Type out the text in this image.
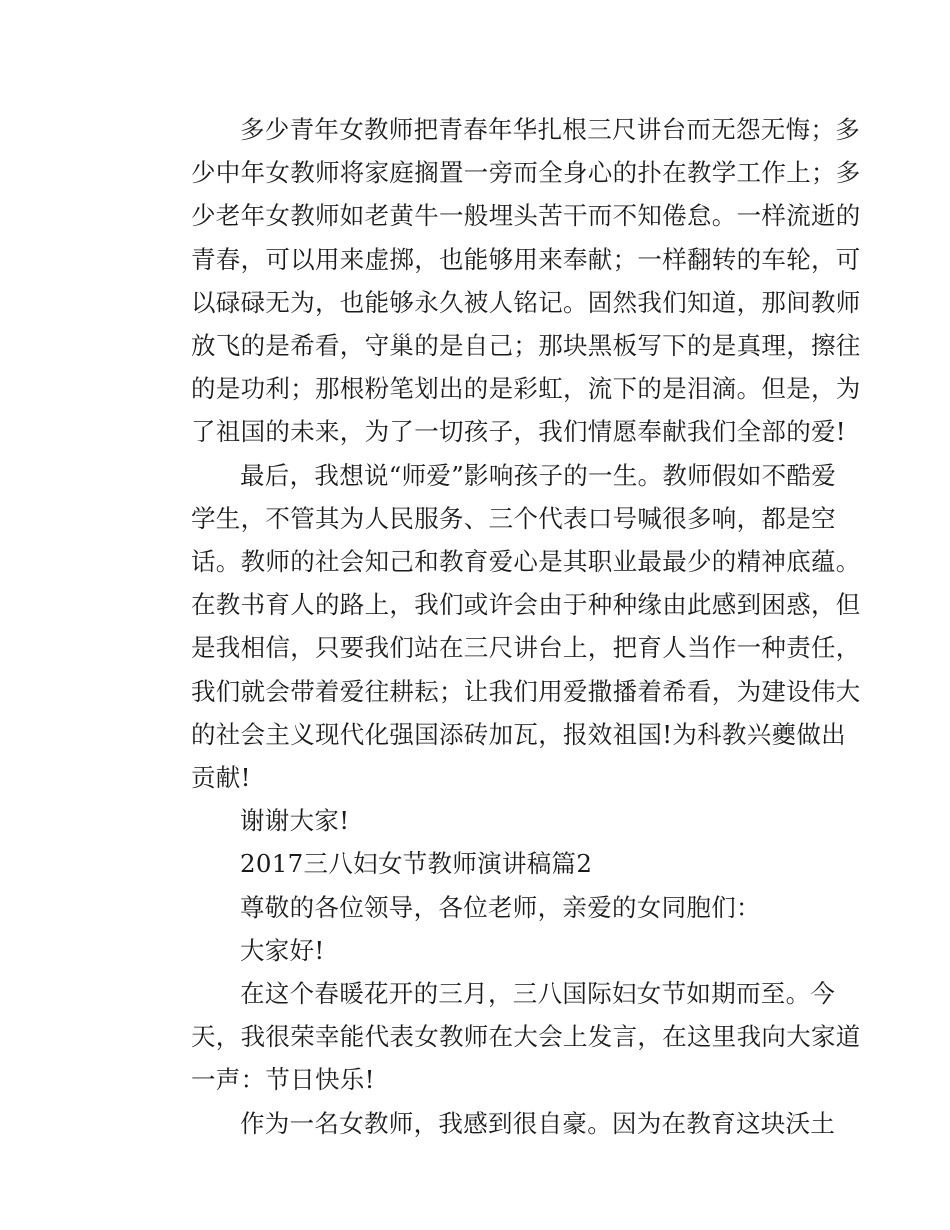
多少青年女教师把青春年华扎根三尺讲台而无怨无悔；多
少中年女教师将家庭搁置一旁而全身心的扑在教学工作上；多
少老年女教师如老黄牛一般埋头苦干而不知倦怠。一样流逝的
青春，可以用来虚掷，也能够用来奉献；一样翻转的车轮，可
以碌碌无为，也能够永久被人铭记。固然我们知道，那间教师
放飞的是希看，守巢的是自己；那块黑板写下的是真理，擦往
的是功利；那根粉笔划出的是彩虹，流下的是泪滴。但是，为
了祖国的未来，为了一切孩子，我们情愿奉献我们全部的爱!
最后，我想说“师爱”影响孩子的一生。教师假如不酷爱
学生，不管其为人民服务、三个代表口号喊很多响，都是空
话。教师的社会知己和教育爱心是其职业最最少的精神底蕴。
在教书育人的路上，我们或许会由于种种缘由此感到困惑，但
是我相信，只要我们站在三尺讲台上，把育人当作一种责任，
我们就会带着爱往耕耘；让我们用爱撒播着希看，为建设伟大
的社会主义现代化强国添砖加瓦，报效祖国!为科教兴夔做出
贡献!
谢谢大家!
2017三八妇女节教师演讲稿篇2
尊敬的各位领导，各位老师，亲爱的女同胞们：
大家好!
在这个春暖花开的三月，三八国际妇女节如期而至。今
天，我很荣幸能代表女教师在大会上发言，在这里我向大家道
一声：节日快乐!
作为一名女教师，我感到很自豪。因为在教育这块沃土
